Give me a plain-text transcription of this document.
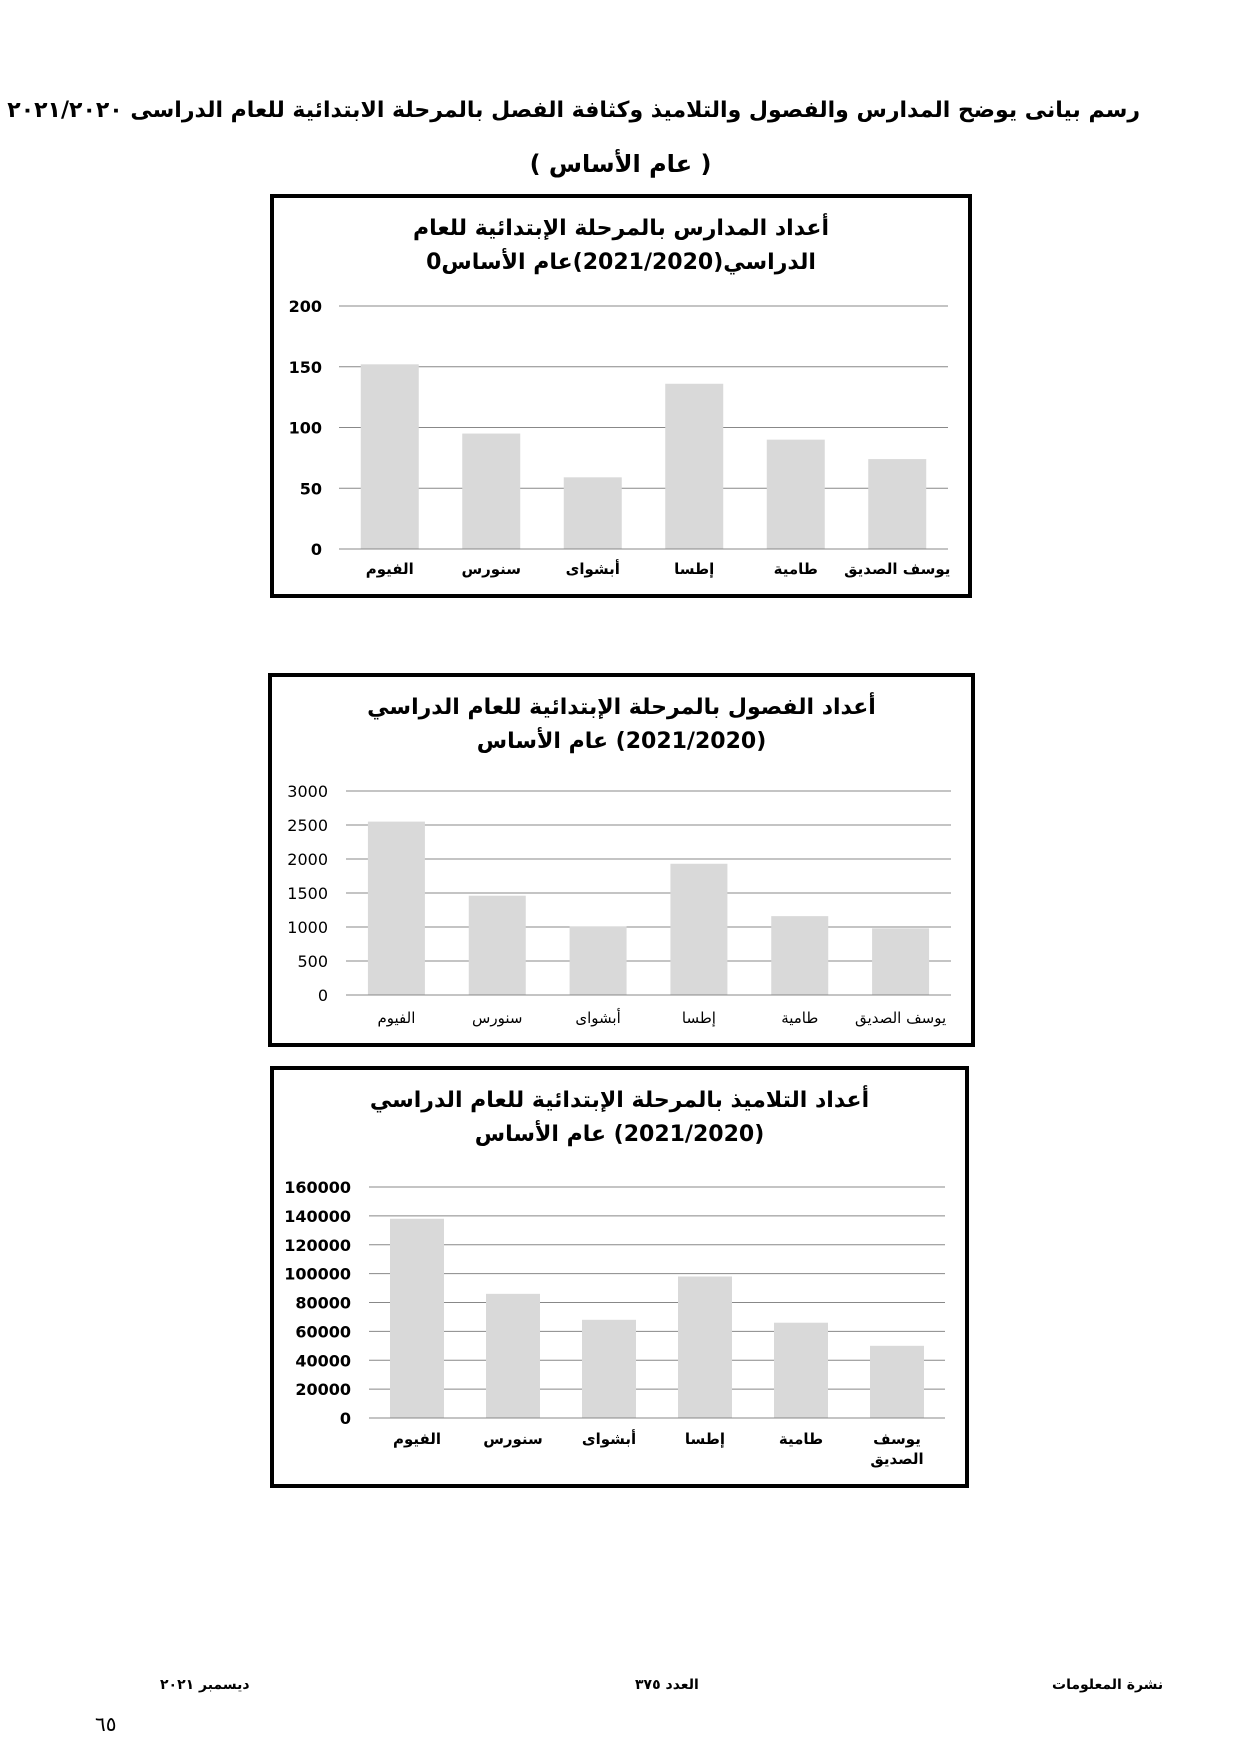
رسم بيانى يوضح المدارس والفصول والتلاميذ وكثافة الفصل بالمرحلة الابتدائية للعام الدراسى ٢٠٢١/٢٠٢٠
( عام الأساس )
أعداد المدارس بالمرحلة الإبتدائية للعام
الدراسي(2021/2020)عام الأساس0
0
50
100
150
200
الفيوم	سنورس	أبشواى	إطسا	طامية يوسف الصديق
أعداد الفصول بالمرحلة الإبتدائية للعام الدراسي
(2021/2020) عام الأساس
0
500
1000
1500
2000
2500
3000
الفيوم	سنورس	أبشواى	إطسا	طامية يوسف الصديق
أعداد التلاميذ بالمرحلة الإبتدائية للعام الدراسي
(2021/2020) عام الأساس
0
20000
40000
60000
80000
100000
120000
140000
160000
الفيوم	سنورس	أبشواى	إطسا	طامية	يوسف
الصديق
ديسمبر ٢٠٢١	العدد ٣٧٥	نشرة المعلومات
٦٥
